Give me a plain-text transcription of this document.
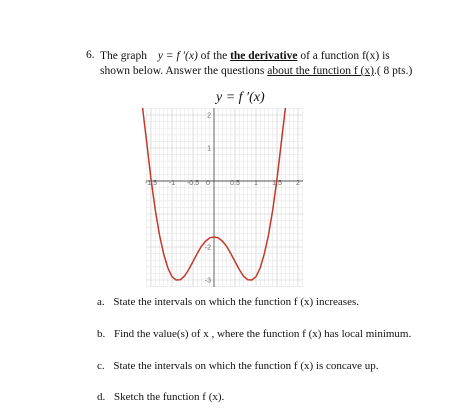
6. The graph y = f ′(x) of the the derivative of a function f(x) is
shown below. Answer the questions about the function f (x).( 8 pts.)
y = f ′(x)
-1.5 -1 -0.5 0	0.5 1 1.5 2
2
1
-2
-3
a. State the intervals on which the function f (x) increases.
b. Find the value(s) of x , where the function f (x) has local minimum.
c. State the intervals on which the function f (x) is concave up.
d. Sketch the function f (x).
